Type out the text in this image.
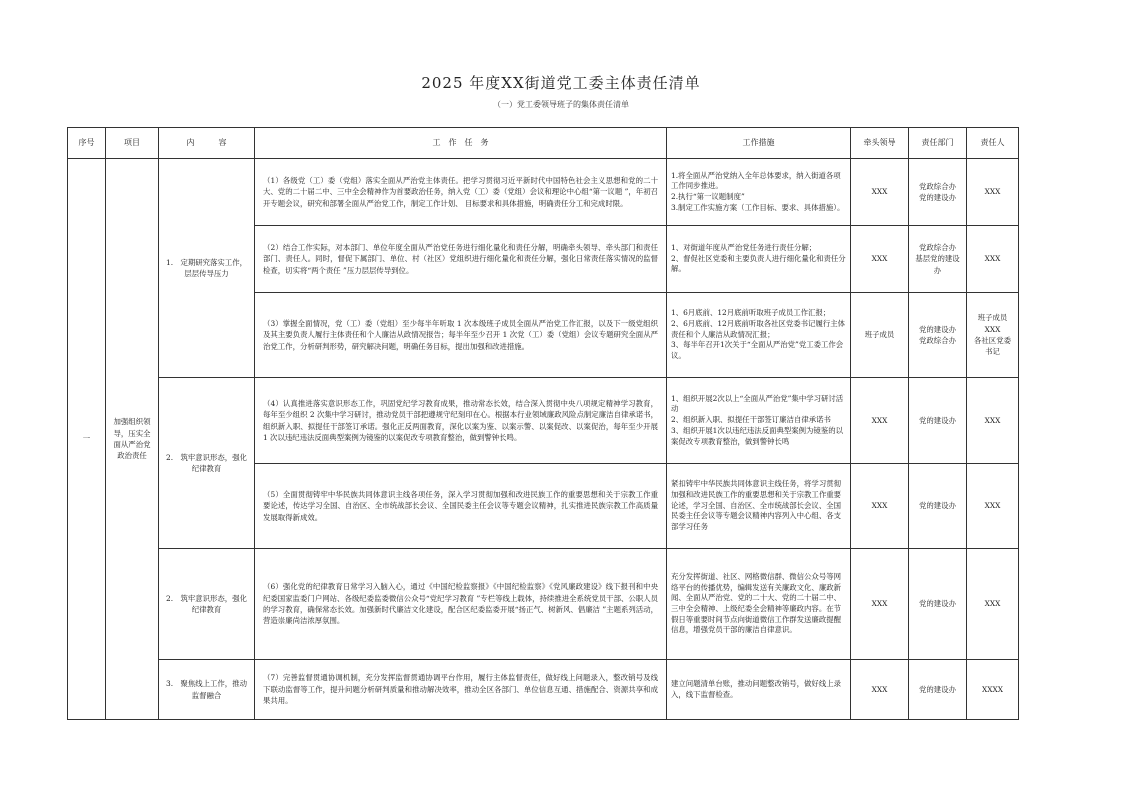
2025 年度XX街道党工委主体责任清单
（一）党工委领导班子的集体责任清单
序号	项目	内　　　容	工　作　任　务	工作措施	牵头领导	责任部门	责任人
一	加强组织领导，压实全面从严治党政治责任	1.　定期研究落实工作，层层传导压力	（1）各级党（工）委（党组）落实全面从严治党主体责任。把学习贯彻习近平新时代中国特色社会主义思想和党的二十大、党的二十届二中、三中全会精神作为首要政治任务，纳入党（工）委（党组）会议和理论中心组“第一议题 ”，年初召开专题会议，研究和部署全面从严治党工作，制定工作计划、 目标要求和具体措施，明确责任分工和完成时限。	1.将全面从严治党纳入全年总体要求，纳入街道各项工作同步推进。
2.执行“第一议题制度”
3.制定工作实施方案（工作目标、要求、具体措施）。	XXX	党政综合办
党的建设办	XXX

			（2）结合工作实际，对本部门、单位年度全面从严治党任务进行细化量化和责任分解，明确牵头领导、牵头部门和责任部门、责任人。同时，督促下属部门、单位、村（社区）党组织进行细化量化和责任分解，强化日常责任落实情况的监督检查，切实将“两个责任 ”压力层层传导到位。	1、对街道年度从严治党任务进行责任分解；
2、督促社区党委和主要负责人进行细化量化和责任分解。	XXX	党政综合办
基层党的建设办	XXX

			（3）掌握全面情况，党（工）委（党组）至少每半年听取 1 次本级班子成员全面从严治党工作汇报，以及下一级党组织及其主要负责人履行主体责任和个人廉洁从政情况报告；每半年至少召开 1 次党（工）委（党组）会议专题研究全面从严治党工作，分析研判形势，研究解决问题，明确任务目标，提出加强和改进措施。	1、6月底前、12月底前听取班子成员工作汇报；
2、6月底前、12月底前听取各社区党委书记履行主体责任和个人廉洁从政情况汇报；
3、每半年召开1次关于“全面从严治党”党工委工作会议。	班子成员	党的建设办
党政综合办	班子成员
XXX
各社区党委书记

		2.　筑牢意识形态，强化纪律教育	（4）认真推进落实意识形态工作，巩固党纪学习教育成果，推动常态长效，结合深入贯彻中央八项规定精神学习教育，每年至少组织 2 次集中学习研讨，推动党员干部把遵规守纪刻印在心。根据本行业领域廉政风险点制定廉洁自律承诺书，组织新入职、拟提任干部签订承诺。强化正反两面教育，深化以案为鉴、以案示警、以案促改、以案促治，每年至少开展 1 次以违纪违法反面典型案例为镜鉴的以案促改专项教育整治，做到警钟长鸣。	1、组织开展2次以上“全面从严治党”集中学习研讨活动
2、组织新入职、拟提任干部签订廉洁自律承诺书
3、组织开展1次以违纪违法反面典型案例为镜鉴的以案促改专项教育整治，做到警钟长鸣	XXX	党的建设办	XXX

			（5）全面贯彻铸牢中华民族共同体意识主线各项任务，深入学习贯彻加强和改进民族工作的重要思想和关于宗教工作重要论述，传达学习全国、自治区、全市统战部长会议、全国民委主任会议等专题会议精神，扎实推进民族宗教工作高质量发展取得新成效。	紧扣铸牢中华民族共同体意识主线任务，将学习贯彻加强和改进民族工作的重要思想和关于宗教工作重要论述，学习全国、自治区、全市统战部长会议、全国民委主任会议等专题会议精神内容列入中心组、各支部学习任务	XXX	党的建设办	XXX

		2.　筑牢意识形态，强化纪律教育	（6）强化党的纪律教育日常学习入脑入心，通过《中国纪检监察报》《中国纪检监察》《党风廉政建设》线下报刊和中央纪委国家监委门户网站、各级纪委监委微信公众号“党纪学习教育 ”专栏等线上载体，持续推进全系统党员干部、公职人员的学习教育，确保常态长效。加强新时代廉洁文化建设，配合区纪委监委开展“扬正气、树新风、倡廉洁 ”主题系列活动，营造崇廉尚洁浓厚氛围。	充分发挥街道、社区、网格微信群、微信公众号等网络平台的传播优势，编辑发送有关廉政文化、廉政新闻、全面从严治党、党的二十大、党的二十届二中、三中全会精神、上级纪委全会精神等廉政内容。在节假日等重要时间节点向街道微信工作群发送廉政提醒信息，增强党员干部的廉洁自律意识。	XXX	党的建设办	XXX

		3.　聚焦线上工作，推动监督融合	（7）完善监督贯通协调机制，充分发挥监督贯通协调平台作用，履行主体监督责任，做好线上问题录入，整改销号及线下联动监督等工作，提升问题分析研判质量和推动解决效率，推动全区各部门、单位信息互通、措施配合、资源共享和成果共用。	建立问题清单台账，推动问题整改销号，做好线上录入，线下监督检查。	XXX	党的建设办	XXXX
